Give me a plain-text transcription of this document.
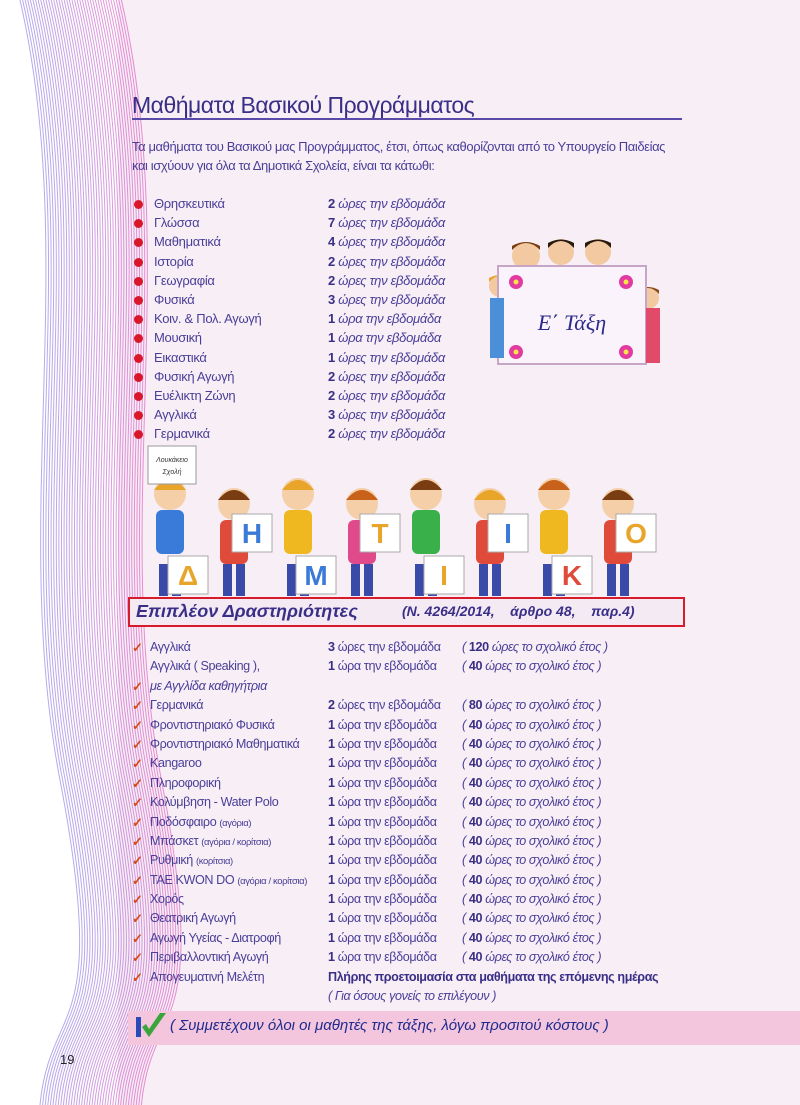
Μαθήματα Βασικού Προγράμματος
Τα μαθήματα του Βασικού μας Προγράμματος, έτσι, όπως καθορίζονται από το Υπουργείο Παιδείας
και ισχύουν για όλα τα Δημοτικά Σχολεία, είναι τα κάτωθι:
Θρησκευτικά	2 ώρες την εβδομάδα
Γλώσσα	7 ώρες την εβδομάδα
Μαθηματικά	4 ώρες την εβδομάδα
Ιστορία	2 ώρες την εβδομάδα
Γεωγραφία	2 ώρες την εβδομάδα
Φυσικά	3 ώρες την εβδομάδα
Κοιν. & Πολ. Αγωγή	1 ώρα την εβδομάδα
Μουσική	1 ώρα την εβδομάδα
Εικαστικά	1 ώρες την εβδομάδα
Φυσική Αγωγή	2 ώρες την εβδομάδα
Ευέλικτη Ζώνη	2 ώρες την εβδομάδα
Αγγλικά	3 ώρες την εβδομάδα
Γερμανικά	2 ώρες την εβδομάδα
Ε΄ Τάξη
Η	Τ	Ι	Ο
Δ	Μ	Ι	Κ
Λουκάκειο
Σχολή
Επιπλέον Δραστηριότητες	(Ν. 4264/2014,    άρθρο 48,    παρ.4)
✓ Αγγλικά	3 ώρες την εβδομάδα ( 120 ώρες το σχολικό έτος )
Αγγλικά ( Speaking ),	1 ώρα την εβδομάδα ( 40 ώρες το σχολικό έτος )
✓ με Αγγλίδα καθηγήτρια
✓ Γερμανικά	2 ώρες την εβδομάδα ( 80 ώρες το σχολικό έτος )
✓ Φροντιστηριακό Φυσικά	1 ώρα την εβδομάδα ( 40 ώρες το σχολικό έτος )
✓ Φροντιστηριακό Μαθηματικά 1 ώρα την εβδομάδα ( 40 ώρες το σχολικό έτος )
✓ Kangaroo	1 ώρα την εβδομάδα ( 40 ώρες το σχολικό έτος )
✓ Πληροφορική	1 ώρα την εβδομάδα ( 40 ώρες το σχολικό έτος )
✓ Κολύμβηση - Water Polo	1 ώρα την εβδομάδα ( 40 ώρες το σχολικό έτος )
✓ Ποδόσφαιρο (αγόρια)	1 ώρα την εβδομάδα ( 40 ώρες το σχολικό έτος )
✓ Μπάσκετ (αγόρια / κορίτσια)	1 ώρα την εβδομάδα ( 40 ώρες το σχολικό έτος )
✓ Ρυθμική (κορίτσια)	1 ώρα την εβδομάδα ( 40 ώρες το σχολικό έτος )
✓ TAE KWON DO (αγόρια / κορίτσια) 1 ώρα την εβδομάδα ( 40 ώρες το σχολικό έτος )
✓ Χορός	1 ώρα την εβδομάδα ( 40 ώρες το σχολικό έτος )
✓ Θεατρική Αγωγή	1 ώρα την εβδομάδα ( 40 ώρες το σχολικό έτος )
✓ Αγωγή Υγείας - Διατροφή	1 ώρα την εβδομάδα ( 40 ώρες το σχολικό έτος )
✓ Περιβαλλοντική Αγωγή	1 ώρα την εβδομάδα ( 40 ώρες το σχολικό έτος )
✓ Απογευματινή Μελέτη	Πλήρης προετοιμασία στα μαθήματα της επόμενης ημέρας
( Για όσους γονείς το επιλέγουν )
( Συμμετέχουν όλοι οι μαθητές της τάξης, λόγω προσιτού κόστους )
19
